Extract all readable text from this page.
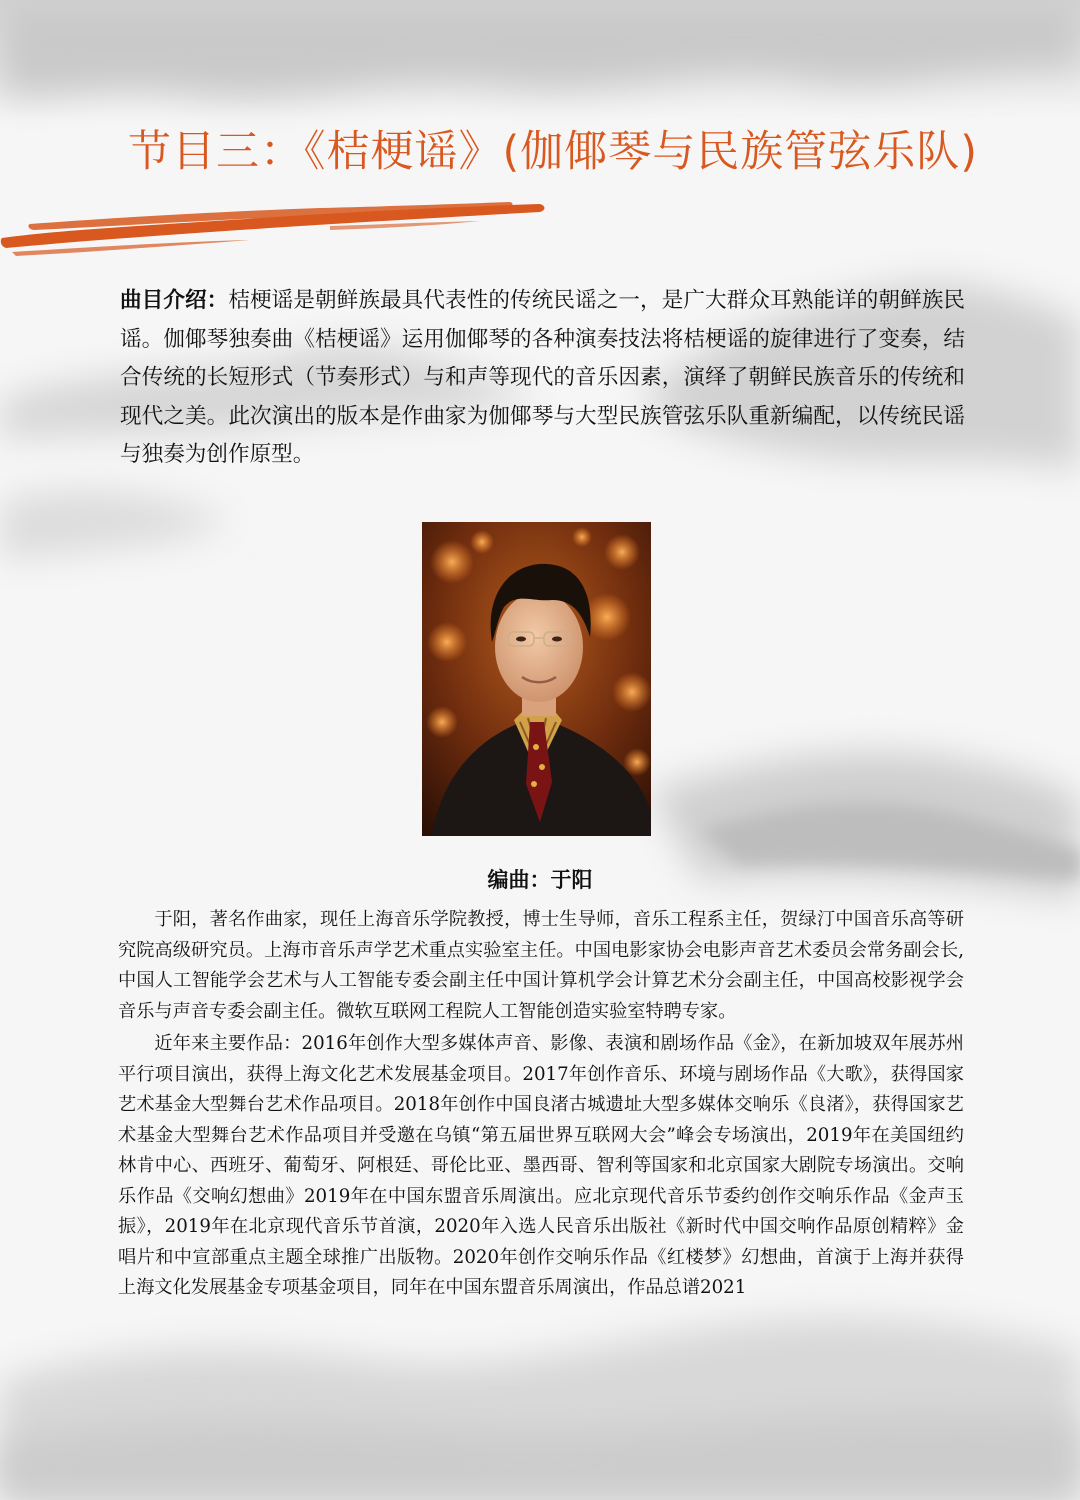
节目三：《桔梗谣》(伽倻琴与民族管弦乐队)
曲目介绍：桔梗谣是朝鲜族最具代表性的传统民谣之一，是广大群众耳熟能详的朝鲜族民谣。伽倻琴独奏曲《桔梗谣》运用伽倻琴的各种演奏技法将桔梗谣的旋律进行了变奏，结合传统的长短形式（节奏形式）与和声等现代的音乐因素，演绎了朝鲜民族音乐的传统和现代之美。此次演出的版本是作曲家为伽倻琴与大型民族管弦乐队重新编配，以传统民谣与独奏为创作原型。
编曲：于阳
于阳，著名作曲家，现任上海音乐学院教授，博士生导师，音乐工程系主任，贺绿汀中国音乐高等研究院高级研究员。上海市音乐声学艺术重点实验室主任。中国电影家协会电影声音艺术委员会常务副会长,中国人工智能学会艺术与人工智能专委会副主任中国计算机学会计算艺术分会副主任，中国高校影视学会音乐与声音专委会副主任。微软互联网工程院人工智能创造实验室特聘专家。
近年来主要作品：2016年创作大型多媒体声音、影像、表演和剧场作品《金》，在新加坡双年展苏州平行项目演出，获得上海文化艺术发展基金项目。2017年创作音乐、环境与剧场作品《大歌》，获得国家艺术基金大型舞台艺术作品项目。2018年创作中国良渚古城遗址大型多媒体交响乐《良渚》，获得国家艺术基金大型舞台艺术作品项目并受邀在乌镇“第五届世界互联网大会”峰会专场演出，2019年在美国纽约林肯中心、西班牙、葡萄牙、阿根廷、哥伦比亚、墨西哥、智利等国家和北京国家大剧院专场演出。交响乐作品《交响幻想曲》2019年在中国东盟音乐周演出。应北京现代音乐节委约创作交响乐作品《金声玉振》，2019年在北京现代音乐节首演，2020年入选人民音乐出版社《新时代中国交响作品原创精粹》金唱片和中宣部重点主题全球推广出版物。2020年创作交响乐作品《红楼梦》幻想曲，首演于上海并获得上海文化发展基金专项基金项目，同年在中国东盟音乐周演出，作品总谱2021
